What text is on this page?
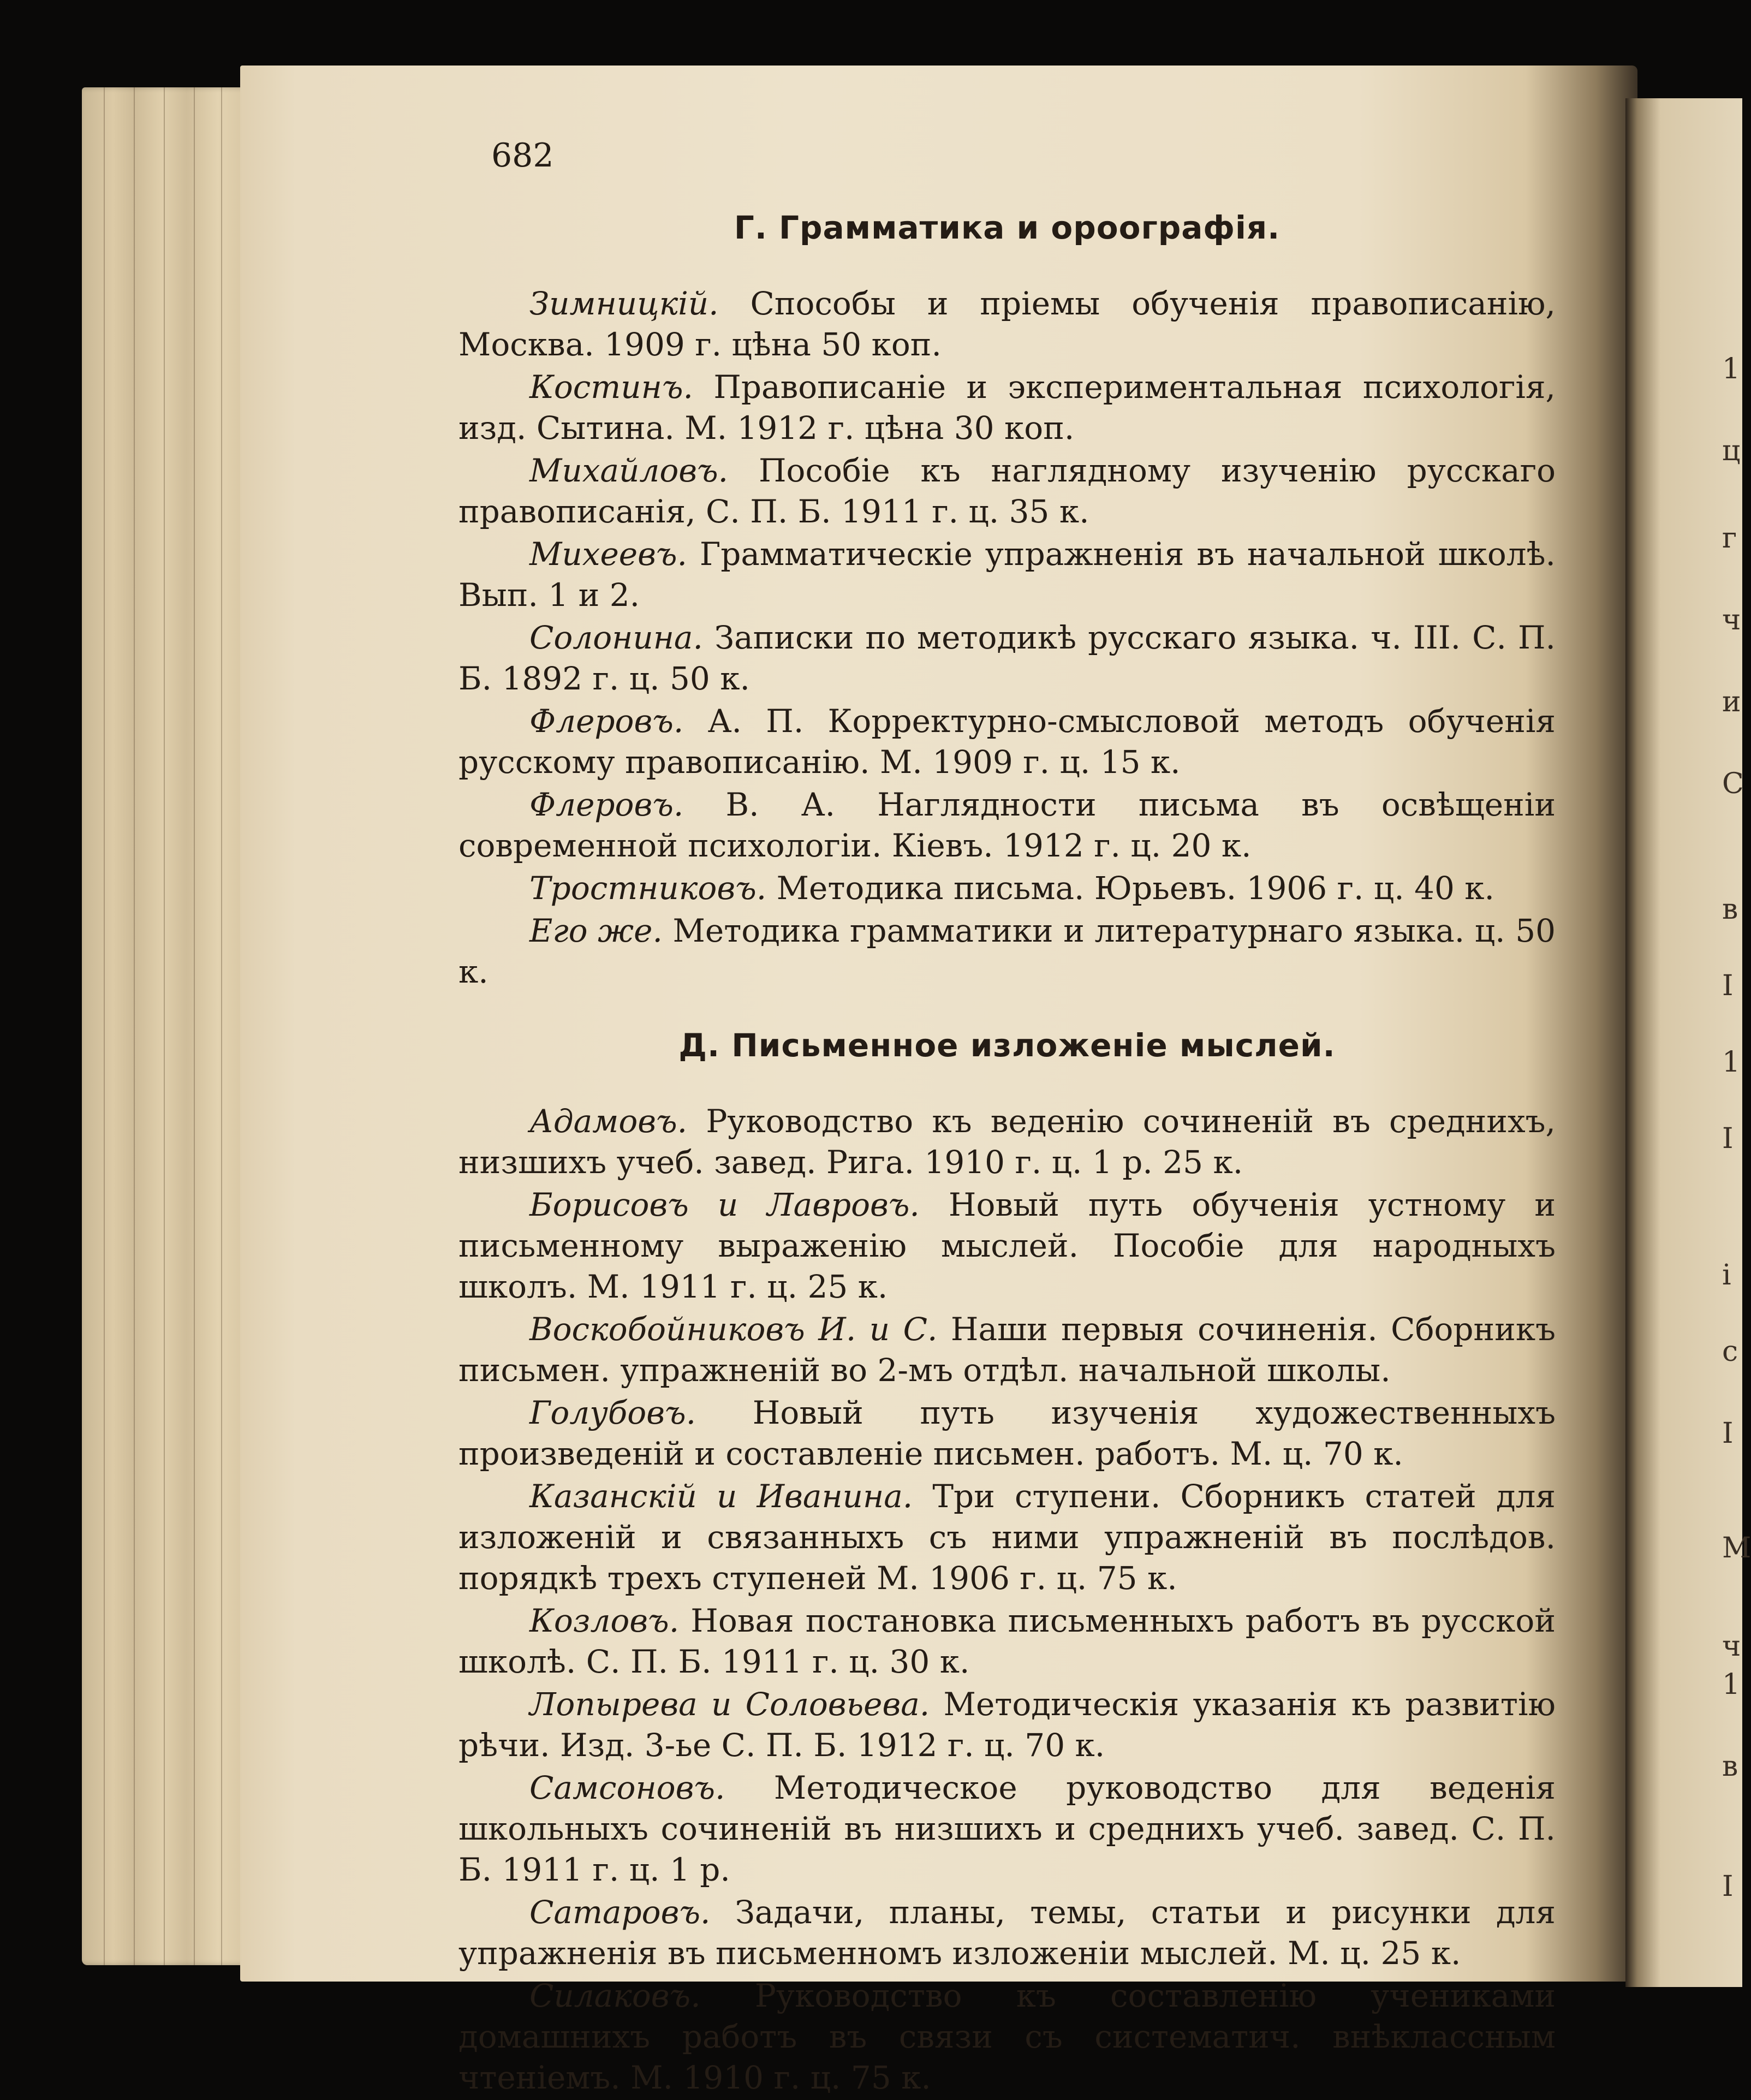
1
ц
г
ч
и
С
в
I
1
I
і
с
I
М
ч
1
в
I
682
Г. Грамматика и ороографія.

Зимницкій. Способы и пріемы обученія правописанію, Москва. 1909 г. цѣна 50 коп.

Костинъ. Правописаніе и экспериментальная психологія, изд. Сытина. М. 1912 г. цѣна 30 коп.

Михайловъ. Пособіе къ наглядному изученію русскаго правописанія, С. П. Б. 1911 г. ц. 35 к.

Михеевъ. Грамматическіе упражненія въ начальной школѣ. Вып. 1 и 2.

Солонина. Записки по методикѣ русскаго языка. ч. III. С. П. Б. 1892 г. ц. 50 к.

Флеровъ. А. П. Корректурно-смысловой методъ обученія русскому правописанію. М. 1909 г. ц. 15 к.

Флеровъ. В. А. Наглядности письма въ освѣщеніи современной психологіи. Кіевъ. 1912 г. ц. 20 к.

Тростниковъ. Методика письма. Юрьевъ. 1906 г. ц. 40 к.

Его же. Методика грамматики и литературнаго языка. ц. 50 к.

Д. Письменное изложеніе мыслей.

Адамовъ. Руководство къ веденію сочиненій въ среднихъ, низшихъ учеб. завед. Рига. 1910 г. ц. 1 р. 25 к.

Борисовъ и Лавровъ. Новый путь обученія устному и письменному выраженію мыслей. Пособіе для народныхъ школъ. М. 1911 г. ц. 25 к.

Воскобойниковъ И. и С. Наши первыя сочиненія. Сборникъ письмен. упражненій во 2-мъ отдѣл. начальной школы.

Голубовъ. Новый путь изученія художественныхъ произведеній и составленіе письмен. работъ. М. ц. 70 к.

Казанскій и Иванина. Три ступени. Сборникъ статей для изложеній и связанныхъ съ ними упражненій въ послѣдов. порядкѣ трехъ ступеней М. 1906 г. ц. 75 к.

Козловъ. Новая постановка письменныхъ работъ въ русской школѣ. С. П. Б. 1911 г. ц. 30 к.

Лопырева и Соловьева. Методическія указанія къ развитію рѣчи. Изд. 3-ье С. П. Б. 1912 г. ц. 70 к.

Самсоновъ. Методическое руководство для веденія школьныхъ сочиненій въ низшихъ и средниxъ учеб. завед. С. П. Б. 1911 г. ц. 1 р.

Сатаровъ. Задачи, планы, темы, статьи и рисунки для упражненія въ письменномъ изложеніи мыслей. М. ц. 25 к.

Силаковъ. Руководство къ составленію учениками домашнихъ работъ въ связи съ систематич. внѣклассным чтеніемъ. М. 1910 г. ц. 75 к.
